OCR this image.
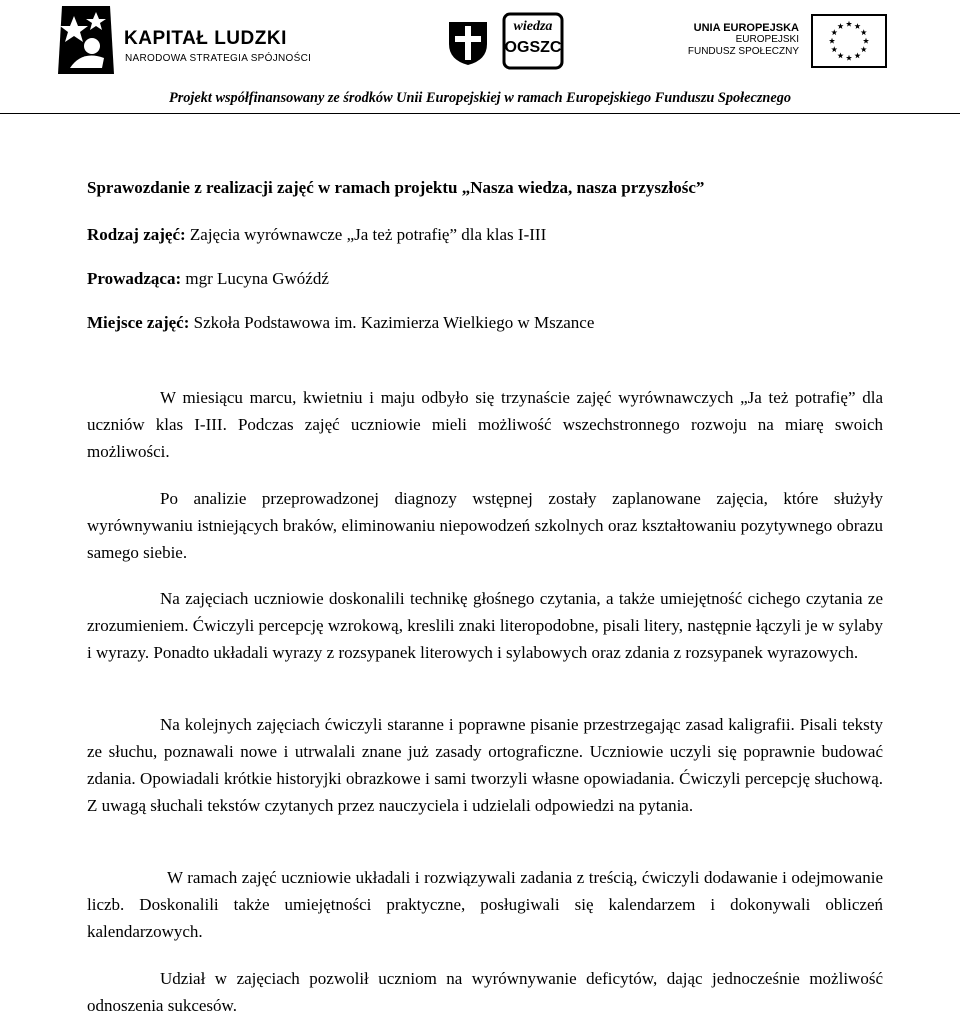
KAPITAŁ LUDZKI
NARODOWA STRATEGIA SPÓJNOŚCI
wiedza
OGSZC
UNIA EUROPEJSKA
EUROPEJSKI
FUNDUSZ SPOŁECZNY
Projekt współfinansowany ze środków Unii Europejskiej w ramach Europejskiego Funduszu Społecznego
Sprawozdanie z realizacji zajęć w ramach projektu „Nasza wiedza, nasza przyszłośc”
Rodzaj zajęć: Zajęcia wyrównawcze „Ja też potrafię” dla klas I-III
Prowadząca: mgr Lucyna Gwóźdź
Miejsce zajęć: Szkoła Podstawowa im. Kazimierza Wielkiego w Mszance

W miesiącu marcu, kwietniu i maju odbyło się trzynaście zajęć wyrównawczych „Ja też potrafię” dla uczniów klas I-III. Podczas zajęć uczniowie mieli możliwość wszechstronnego rozwoju na miarę swoich możliwości.

Po analizie przeprowadzonej diagnozy wstępnej zostały zaplanowane zajęcia, które służyły wyrównywaniu istniejących braków, eliminowaniu niepowodzeń szkolnych oraz kształtowaniu pozytywnego obrazu samego siebie.

Na zajęciach uczniowie doskonalili technikę głośnego czytania, a także umiejętność cichego czytania ze zrozumieniem. Ćwiczyli percepcję wzrokową, kreslili znaki literopodobne, pisali litery, następnie łączyli je w sylaby i wyrazy. Ponadto układali wyrazy z rozsypanek literowych i sylabowych oraz zdania z rozsypanek wyrazowych.

Na kolejnych zajęciach ćwiczyli staranne i poprawne pisanie przestrzegając zasad kaligrafii. Pisali teksty ze słuchu, poznawali nowe i utrwalali znane już zasady ortograficzne. Uczniowie uczyli się poprawnie budować zdania. Opowiadali krótkie historyjki obrazkowe i sami tworzyli własne opowiadania. Ćwiczyli percepcję słuchową. Z uwagą słuchali tekstów czytanych przez nauczyciela i udzielali odpowiedzi na pytania.

W ramach zajęć uczniowie układali i rozwiązywali zadania z treścią, ćwiczyli dodawanie i odejmowanie liczb. Doskonalili także umiejętności praktyczne, posługiwali się kalendarzem i dokonywali obliczeń kalendarzowych.

Udział w zajęciach pozwolił uczniom na wyrównywanie deficytów, dając jednocześnie możliwość odnoszenia sukcesów.
